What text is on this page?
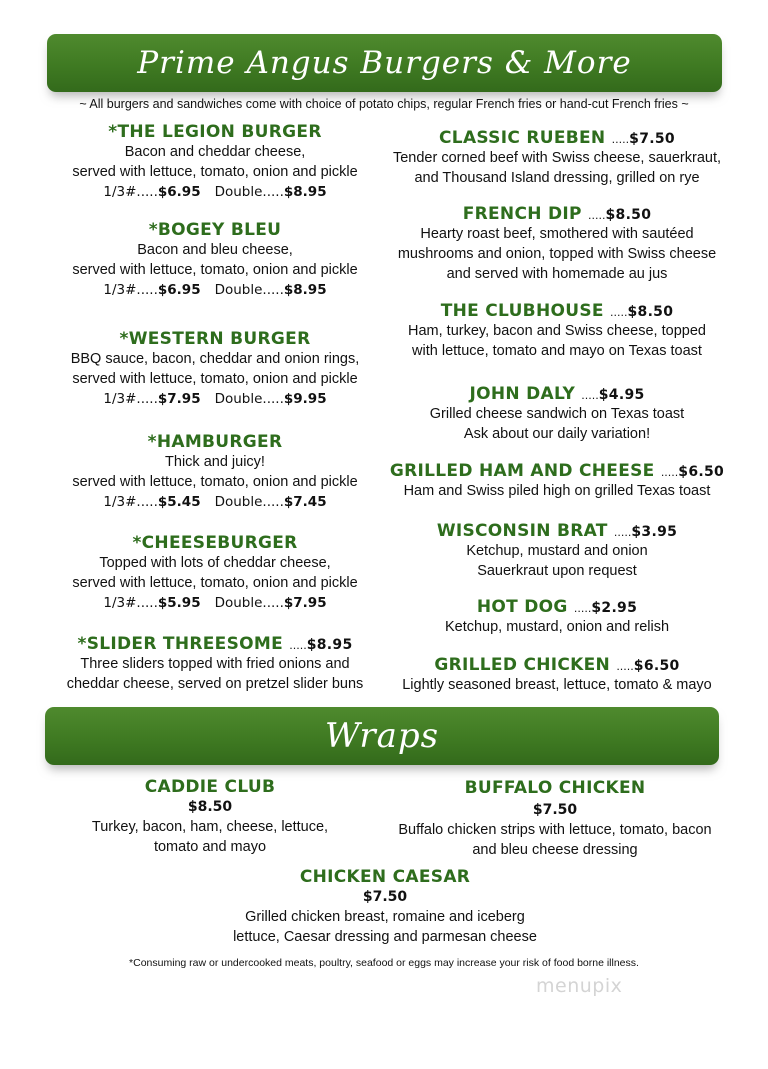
Prime Angus Burgers & More
~ All burgers and sandwiches come with choice of potato chips, regular French fries or hand-cut French fries ~
*THE LEGION BURGER
Bacon and cheddar cheese,
served with lettuce, tomato, onion and pickle
1/3#.....$6.95 Double.....$8.95
*BOGEY BLEU
Bacon and bleu cheese,
served with lettuce, tomato, onion and pickle
1/3#.....$6.95 Double.....$8.95
*WESTERN BURGER
BBQ sauce, bacon, cheddar and onion rings,
served with lettuce, tomato, onion and pickle
1/3#.....$7.95 Double.....$9.95
*HAMBURGER
Thick and juicy!
served with lettuce, tomato, onion and pickle
1/3#.....$5.45 Double.....$7.45
*CHEESEBURGER
Topped with lots of cheddar cheese,
served with lettuce, tomato, onion and pickle
1/3#.....$5.95 Double.....$7.95
*SLIDER THREESOME .....$8.95
Three sliders topped with fried onions and
cheddar cheese, served on pretzel slider buns
CLASSIC RUEBEN .....$7.50
Tender corned beef with Swiss cheese, sauerkraut,
and Thousand Island dressing, grilled on rye
FRENCH DIP .....$8.50
Hearty roast beef, smothered with sautéed
mushrooms and onion, topped with Swiss cheese
and served with homemade au jus
THE CLUBHOUSE .....$8.50
Ham, turkey, bacon and Swiss cheese, topped
with lettuce, tomato and mayo on Texas toast
JOHN DALY .....$4.95
Grilled cheese sandwich on Texas toast
Ask about our daily variation!
GRILLED HAM AND CHEESE .....$6.50
Ham and Swiss piled high on grilled Texas toast
WISCONSIN BRAT .....$3.95
Ketchup, mustard and onion
Sauerkraut upon request
HOT DOG .....$2.95
Ketchup, mustard, onion and relish
GRILLED CHICKEN .....$6.50
Lightly seasoned breast, lettuce, tomato & mayo
Wraps
CADDIE CLUB
$8.50
Turkey, bacon, ham, cheese, lettuce,
tomato and mayo
BUFFALO CHICKEN
$7.50
Buffalo chicken strips with lettuce, tomato, bacon
and bleu cheese dressing
CHICKEN CAESAR
$7.50
Grilled chicken breast, romaine and iceberg
lettuce, Caesar dressing and parmesan cheese
*Consuming raw or undercooked meats, poultry, seafood or eggs may increase your risk of food borne illness.
menupix
